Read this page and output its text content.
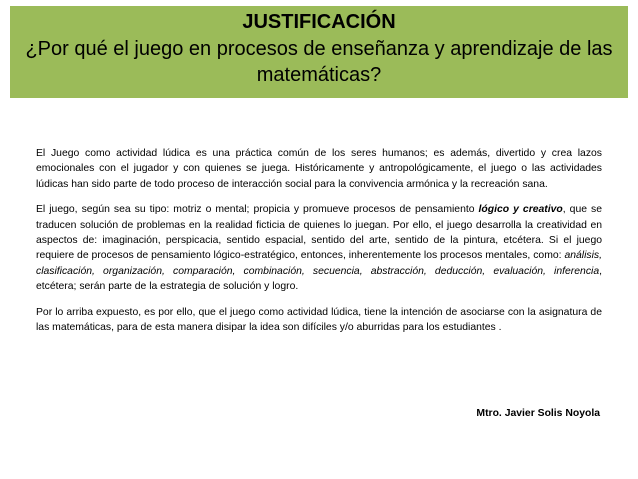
JUSTIFICACIÓN
¿Por qué el juego en procesos de enseñanza y aprendizaje de las matemáticas?

El Juego como actividad lúdica es una práctica común de los seres humanos; es además, divertido y crea lazos emocionales con el jugador y con quienes se juega. Históricamente y antropológicamente, el juego o las actividades lúdicas han sido parte de todo proceso de interacción social para la convivencia armónica y la recreación sana.

El juego, según sea su tipo: motriz o mental; propicia y promueve procesos de pensamiento lógico y creativo, que se traducen solución de problemas en la realidad ficticia de quienes lo juegan. Por ello, el juego desarrolla la creatividad en aspectos de: imaginación, perspicacia, sentido espacial, sentido del arte, sentido de la pintura, etcétera. Si el juego requiere de procesos de pensamiento lógico-estratégico, entonces, inherentemente los procesos mentales, como: análisis, clasificación, organización, comparación, combinación, secuencia, abstracción, deducción, evaluación, inferencia, etcétera; serán parte de la estrategia de solución y logro.

Por lo arriba expuesto, es por ello, que el juego como actividad lúdica, tiene la intención de asociarse con la asignatura de las matemáticas, para de esta manera disipar la idea son difíciles y/o aburridas para los estudiantes .

Mtro. Javier Solis Noyola
